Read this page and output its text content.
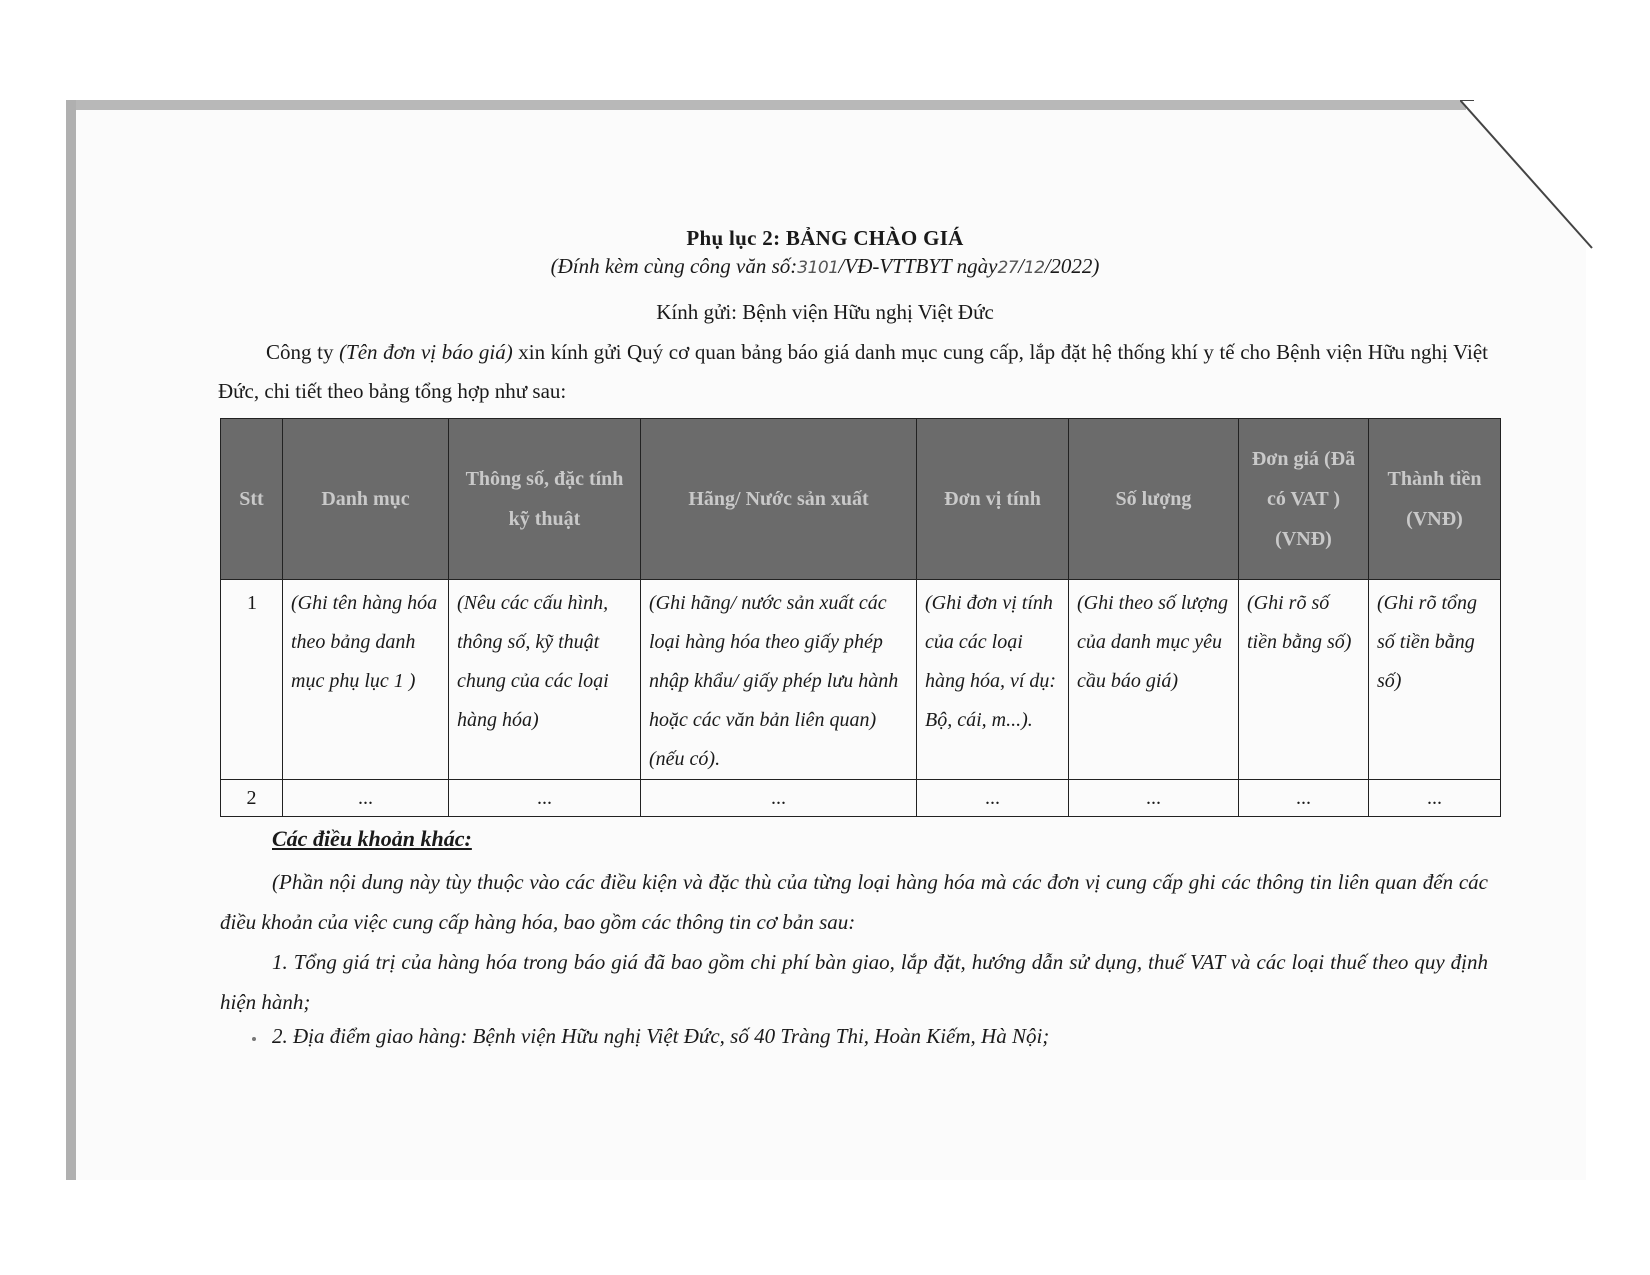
Phụ lục 2: BẢNG CHÀO GIÁ
(Đính kèm cùng công văn số:3101/VĐ-VTTBYT ngày27/12/2022)
Kính gửi: Bệnh viện Hữu nghị Việt Đức
Công ty (Tên đơn vị báo giá) xin kính gửi Quý cơ quan bảng báo giá danh mục cung cấp, lắp đặt hệ thống khí y tế cho Bệnh viện Hữu nghị Việt Đức, chi tiết theo bảng tổng hợp như sau:
Stt	Danh mục	Thông số, đặc tính kỹ thuật	Hãng/ Nước sản xuất	Đơn vị tính	Số lượng	Đơn giá (Đã có VAT ) (VNĐ)	Thành tiền (VNĐ)
1	(Ghi tên hàng hóa theo bảng danh mục phụ lục 1 )	(Nêu các cấu hình, thông số, kỹ thuật chung của các loại hàng hóa)	(Ghi hãng/ nước sản xuất các loại hàng hóa theo giấy phép nhập khẩu/ giấy phép lưu hành hoặc các văn bản liên quan)(nếu có).	(Ghi đơn vị tính của các loại hàng hóa, ví dụ: Bộ, cái, m...).	(Ghi theo số lượng của danh mục yêu cầu báo giá)	(Ghi rõ số tiền bằng số)	(Ghi rõ tổng số tiền bằng số)
2	...	...	...	...	...	...	...
Các điều khoản khác:
(Phần nội dung này tùy thuộc vào các điều kiện và đặc thù của từng loại hàng hóa mà các đơn vị cung cấp ghi các thông tin liên quan đến các điều khoản của việc cung cấp hàng hóa, bao gồm các thông tin cơ bản sau:
1. Tổng giá trị của hàng hóa trong báo giá đã bao gồm chi phí bàn giao, lắp đặt, hướng dẫn sử dụng, thuế VAT và các loại thuế theo quy định hiện hành;
2. Địa điểm giao hàng: Bệnh viện Hữu nghị Việt Đức, số 40 Tràng Thi, Hoàn Kiếm, Hà Nội;
